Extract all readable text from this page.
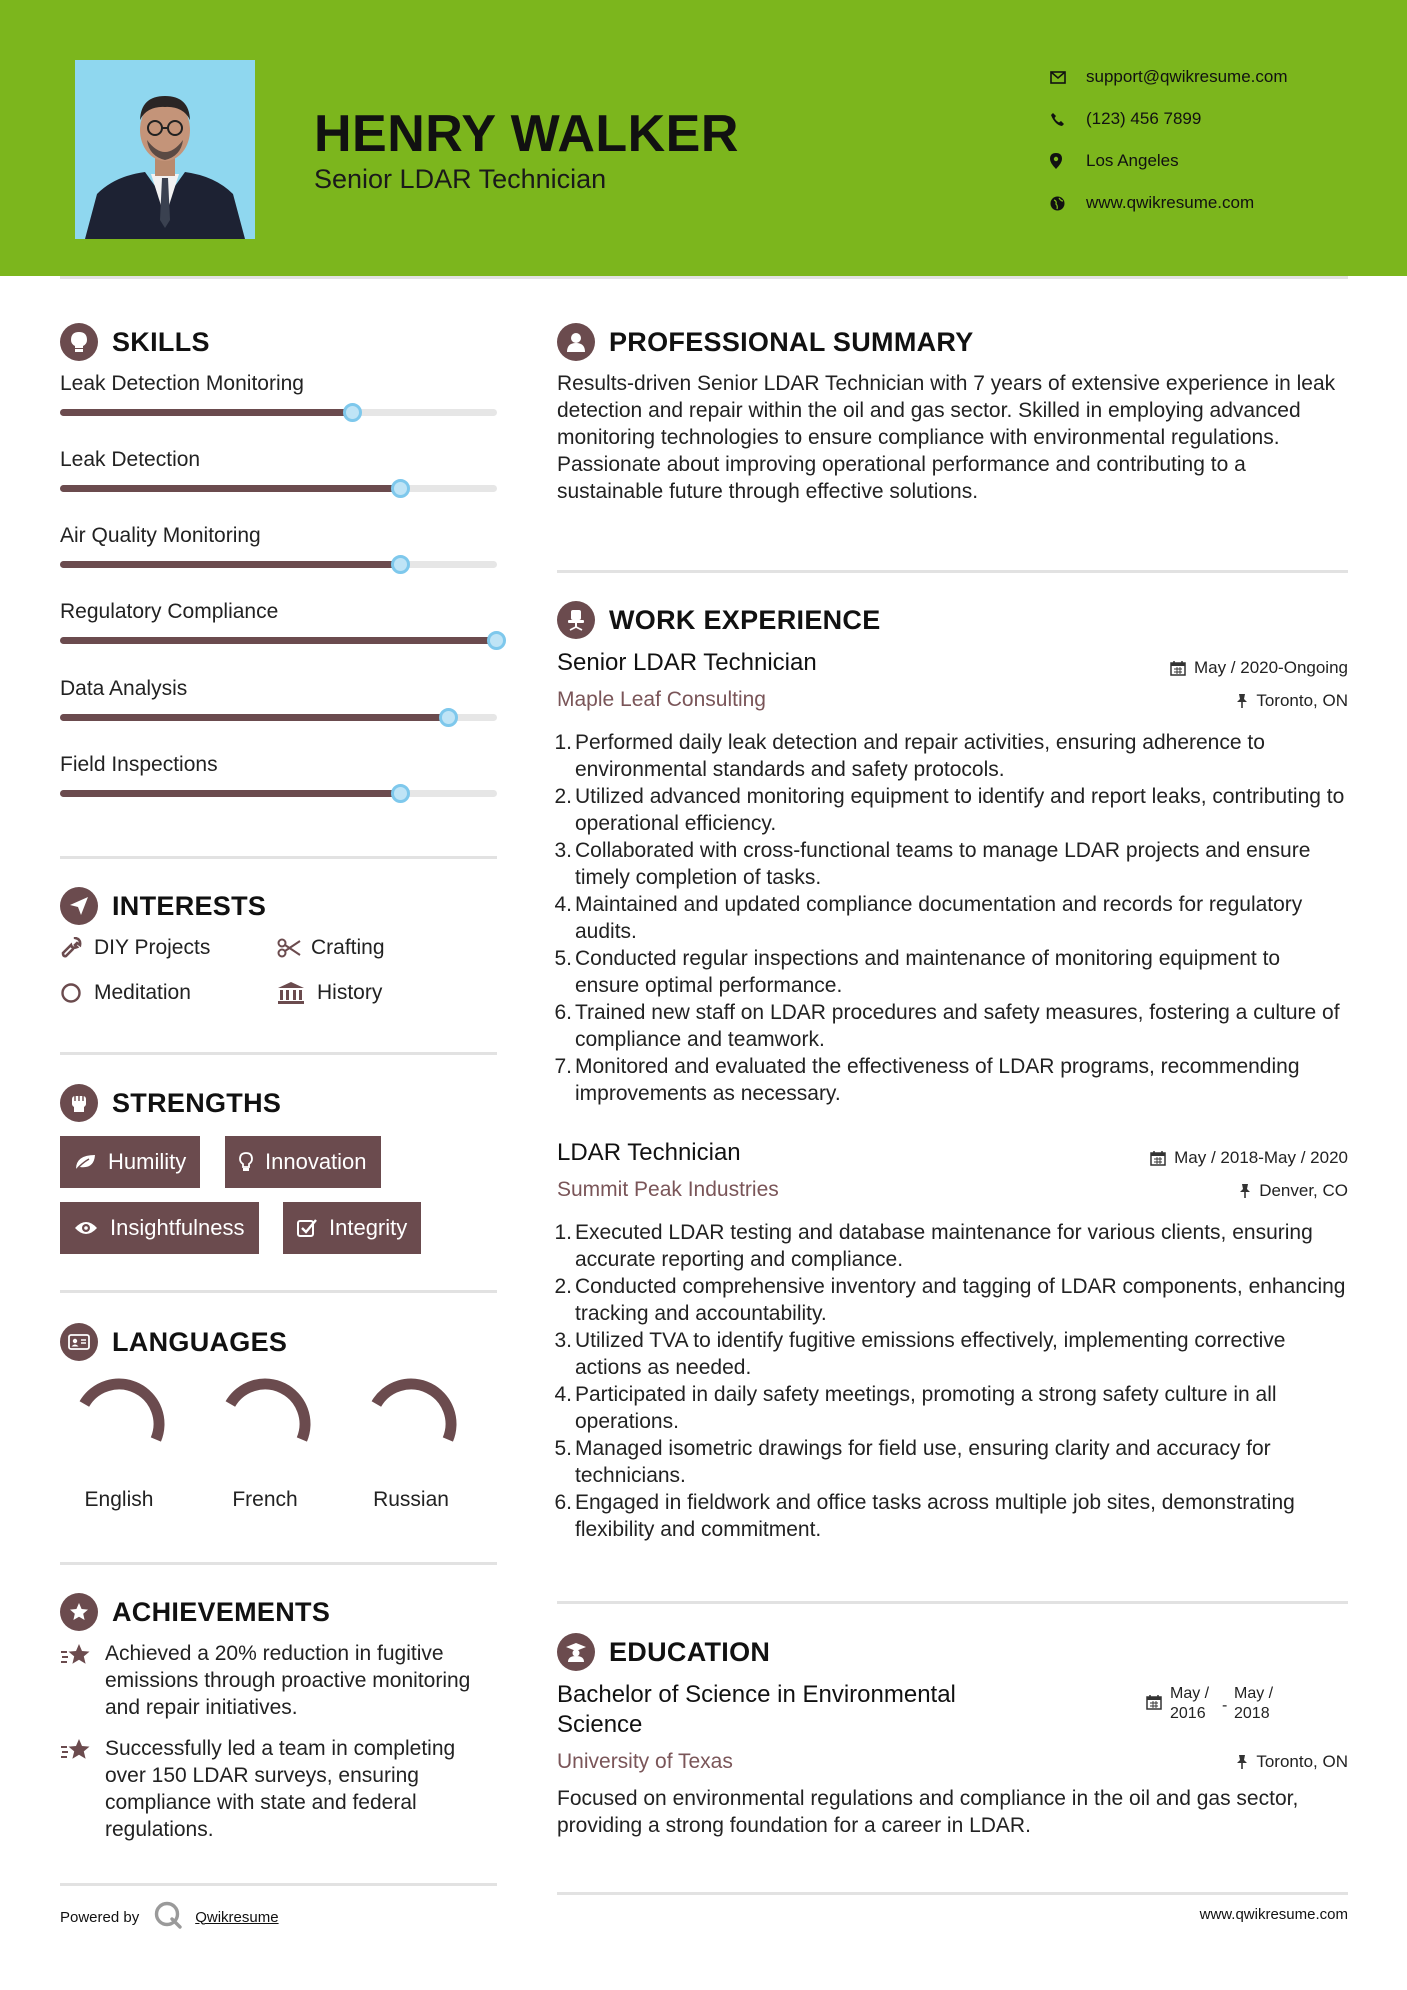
HENRY WALKER
Senior LDAR Technician
support@qwikresume.com
(123) 456 7899
Los Angeles
www.qwikresume.com
SKILLS
Leak Detection Monitoring
Leak Detection
Air Quality Monitoring
Regulatory Compliance
Data Analysis
Field Inspections
INTERESTS
DIY Projects	Crafting
Meditation	History
STRENGTHS
Humility	Innovation
Insightfulness	Integrity
LANGUAGES
English	French	Russian
ACHIEVEMENTS
Achieved a 20% reduction in fugitive emissions through proactive monitoring and repair initiatives.
Successfully led a team in completing over 150 LDAR surveys, ensuring compliance with state and federal regulations.
Powered by	Qwikresume
PROFESSIONAL SUMMARY
Results-driven Senior LDAR Technician with 7 years of extensive experience in leak detection and repair within the oil and gas sector. Skilled in employing advanced monitoring technologies to ensure compliance with environmental regulations. Passionate about improving operational performance and contributing to a sustainable future through effective solutions.
WORK EXPERIENCE
Senior LDAR Technician	May / 2020-Ongoing
Maple Leaf Consulting	Toronto, ON
1. Performed daily leak detection and repair activities, ensuring adherence to environmental standards and safety protocols.
2. Utilized advanced monitoring equipment to identify and report leaks, contributing to operational efficiency.
3. Collaborated with cross-functional teams to manage LDAR projects and ensure timely completion of tasks.
4. Maintained and updated compliance documentation and records for regulatory audits.
5. Conducted regular inspections and maintenance of monitoring equipment to ensure optimal performance.
6. Trained new staff on LDAR procedures and safety measures, fostering a culture of compliance and teamwork.
7. Monitored and evaluated the effectiveness of LDAR programs, recommending improvements as necessary.
LDAR Technician	May / 2018-May / 2020
Summit Peak Industries	Denver, CO
1. Executed LDAR testing and database maintenance for various clients, ensuring accurate reporting and compliance.
2. Conducted comprehensive inventory and tagging of LDAR components, enhancing tracking and accountability.
3. Utilized TVA to identify fugitive emissions effectively, implementing corrective actions as needed.
4. Participated in daily safety meetings, promoting a strong safety culture in all operations.
5. Managed isometric drawings for field use, ensuring clarity and accuracy for technicians.
6. Engaged in fieldwork and office tasks across multiple job sites, demonstrating flexibility and commitment.
EDUCATION
Bachelor of Science in Environmental Science
May / 2016	-
May / 2018
University of Texas	Toronto, ON
Focused on environmental regulations and compliance in the oil and gas sector, providing a strong foundation for a career in LDAR.
www.qwikresume.com
